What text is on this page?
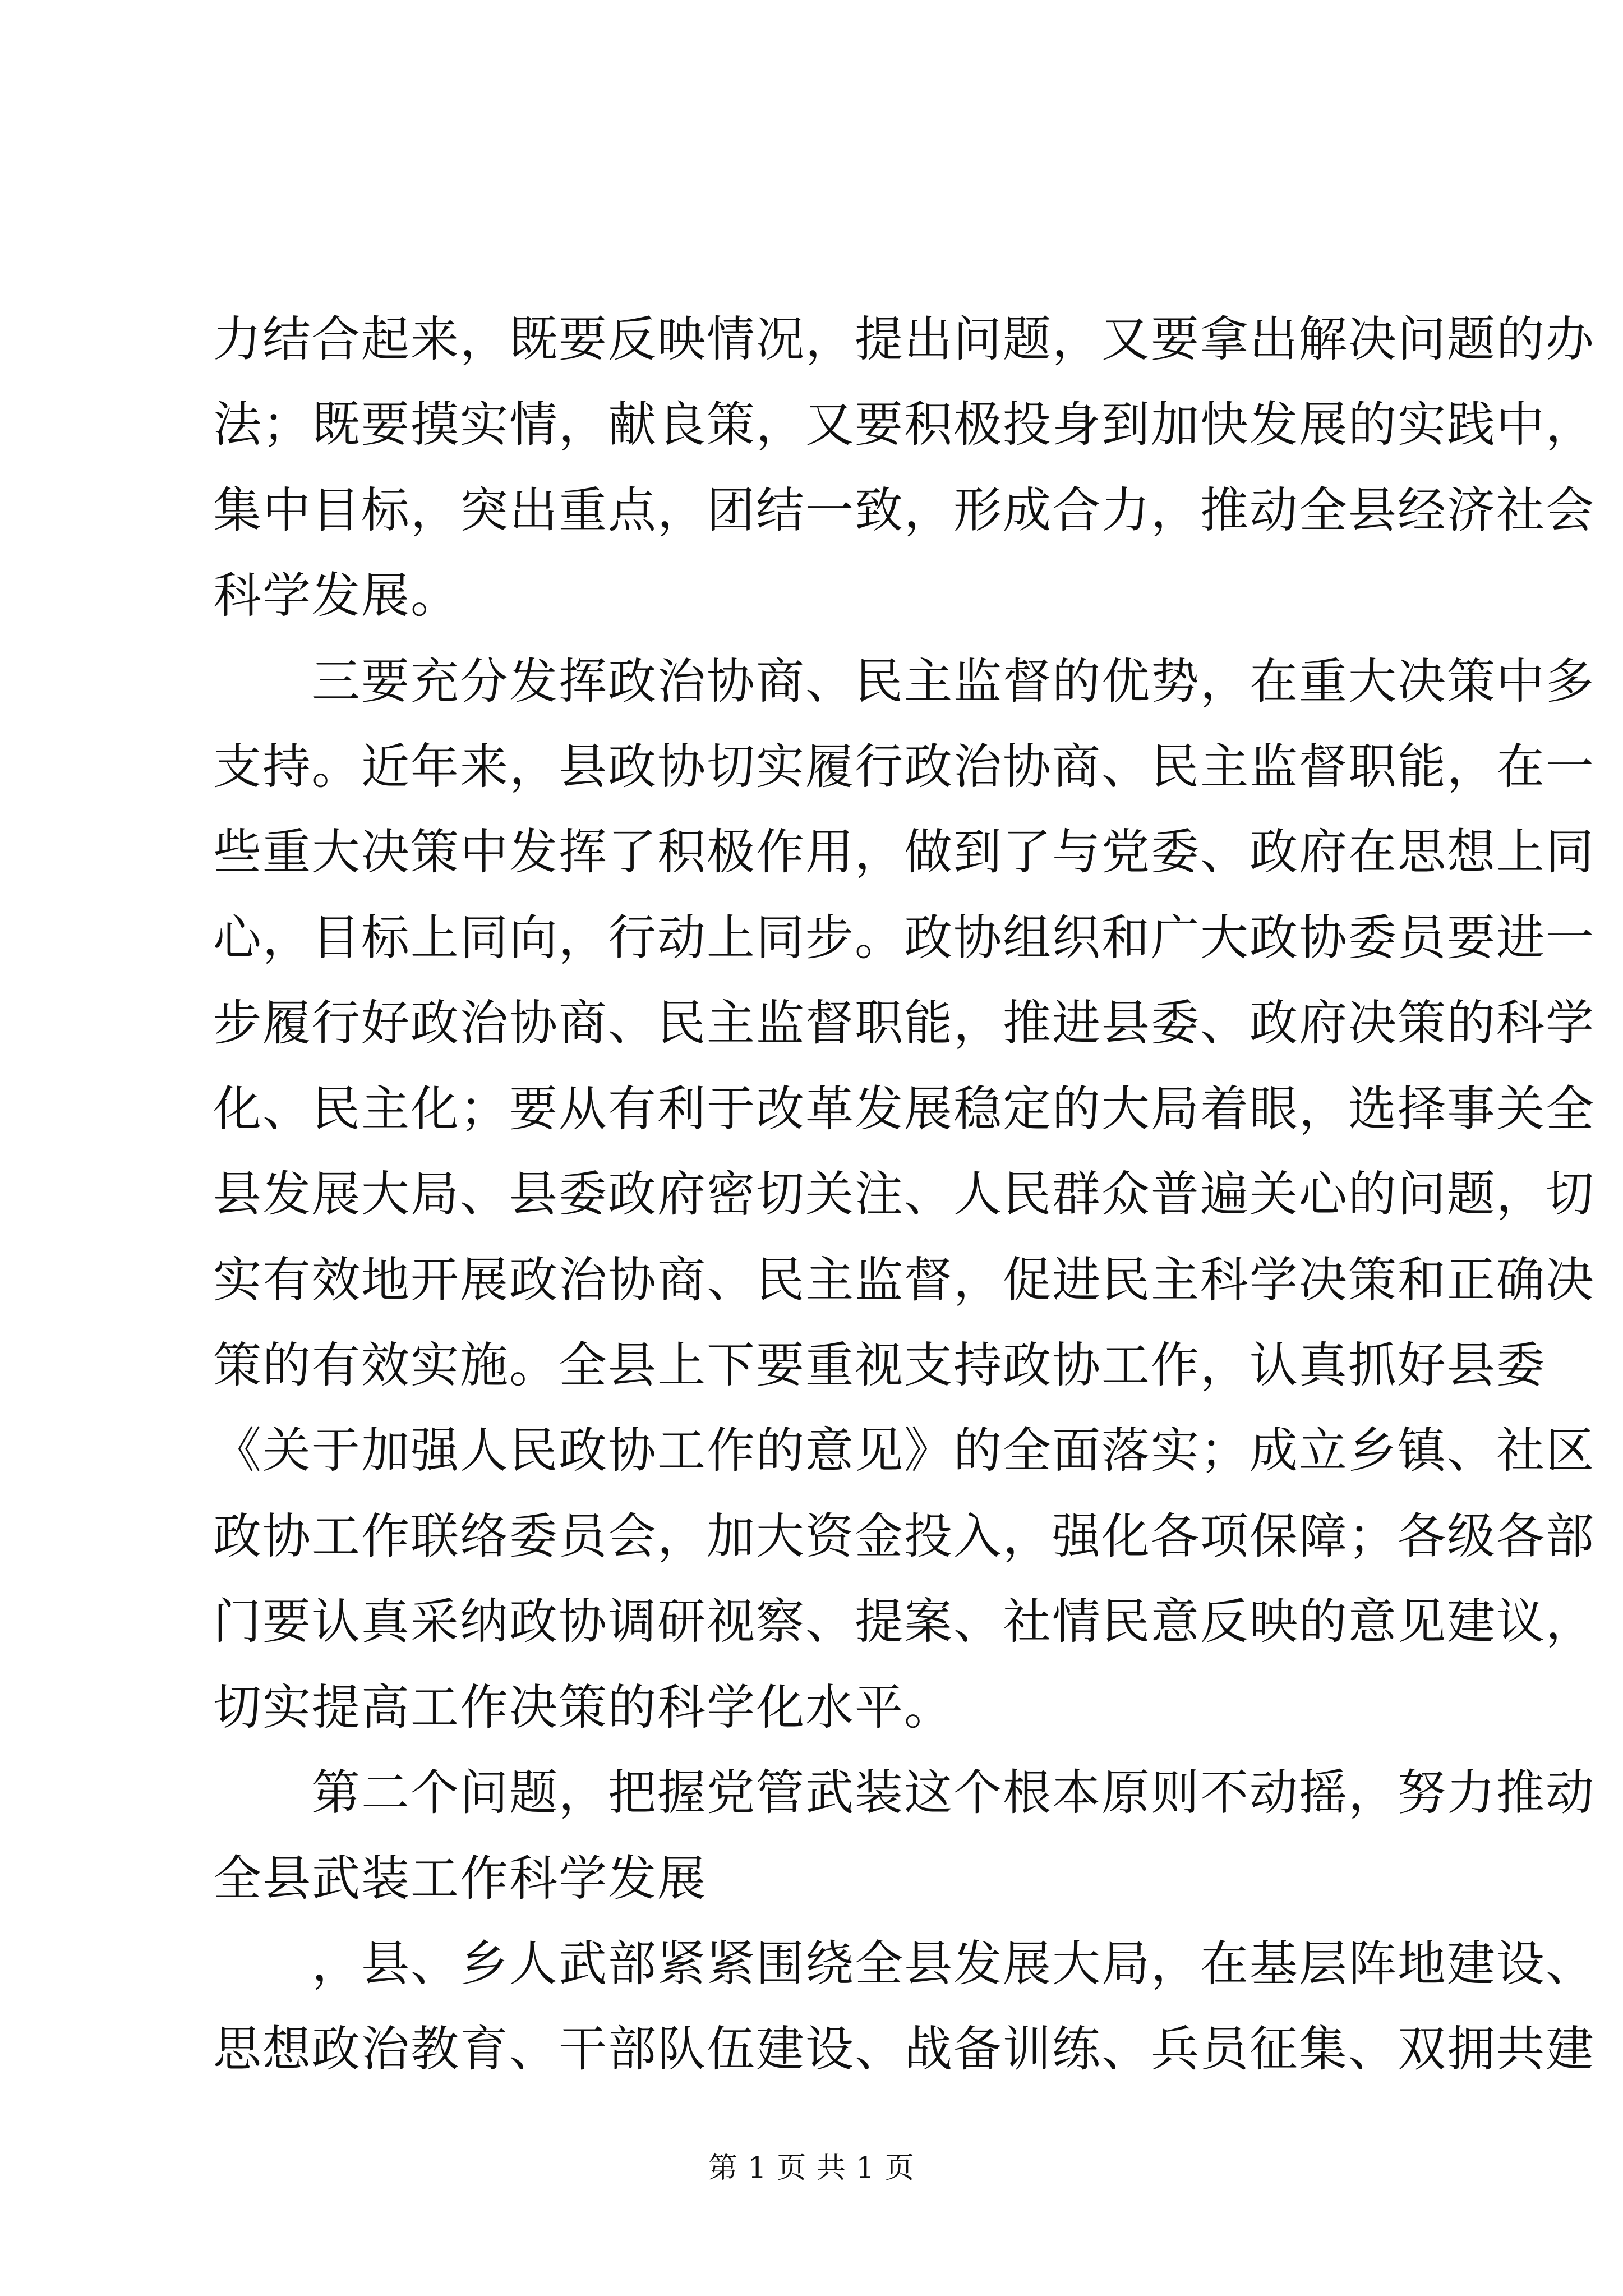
力结合起来，既要反映情况，提出问题，又要拿出解决问题的办
法；既要摸实情，献良策，又要积极投身到加快发展的实践中，
集中目标，突出重点，团结一致，形成合力，推动全县经济社会
科学发展。
　　三要充分发挥政治协商、民主监督的优势，在重大决策中多
支持。近年来，县政协切实履行政治协商、民主监督职能，在一
些重大决策中发挥了积极作用，做到了与党委、政府在思想上同
心，目标上同向，行动上同步。政协组织和广大政协委员要进一
步履行好政治协商、民主监督职能，推进县委、政府决策的科学
化、民主化；要从有利于改革发展稳定的大局着眼，选择事关全
县发展大局、县委政府密切关注、人民群众普遍关心的问题，切
实有效地开展政治协商、民主监督，促进民主科学决策和正确决
策的有效实施。全县上下要重视支持政协工作，认真抓好县委
《关于加强人民政协工作的意见》的全面落实；成立乡镇、社区
政协工作联络委员会，加大资金投入，强化各项保障；各级各部
门要认真采纳政协调研视察、提案、社情民意反映的意见建议，
切实提高工作决策的科学化水平。
　　第二个问题，把握党管武装这个根本原则不动摇，努力推动
全县武装工作科学发展
　　，县、乡人武部紧紧围绕全县发展大局，在基层阵地建设、
思想政治教育、干部队伍建设、战备训练、兵员征集、双拥共建
第 1 页 共 1 页
